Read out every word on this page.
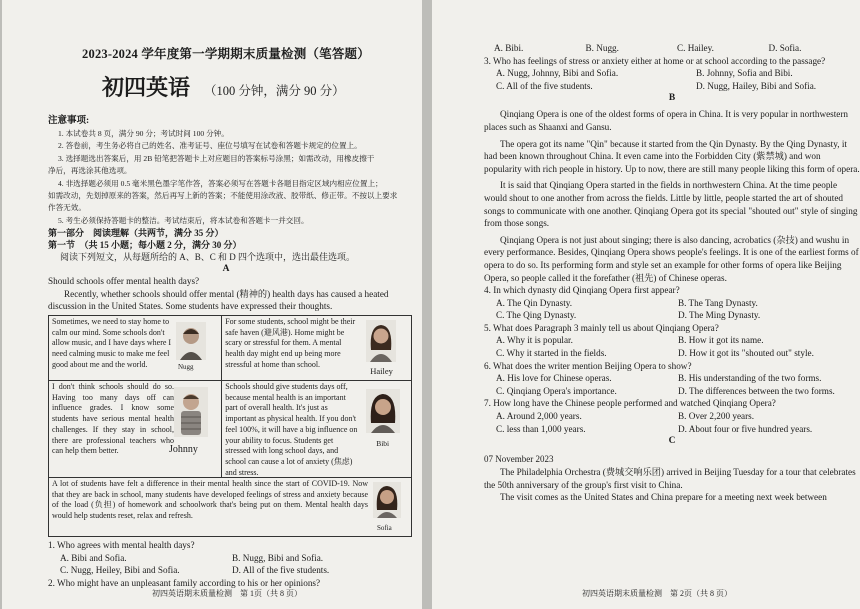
2023-2024 学年度第一学期期末质量检测（笔答题）
初四英语 （100 分钟，满分 90 分）
注意事项:
1. 本试卷共 8 页，满分 90 分；考试时间 100 分钟。
2. 答卷前，考生务必将自己的姓名、准考证号、座位号填写在试卷和答题卡规定的位置上。
3. 选择题选出答案后，用 2B 铅笔把答题卡上对应题目的答案标号涂黑；如需改动，用橡皮擦干
净后，再选涂其他选项。
4. 非选择题必须用 0.5 毫米黑色墨字笔作答，答案必须写在答题卡各题目指定区域内相应位置上；
如需改动，先划掉原来的答案，然后再写上新的答案；不能使用涂改液、胶带纸、修正带。不按以上要求作答无效。
5. 考生必须保持答题卡的整洁。考试结束后，将本试卷和答题卡一并交回。
第一部分　阅读理解（共两节，满分 35 分）
第一节　（共 15 小题；每小题 2 分，满分 30 分）
阅读下列短文，从每题所给的 A、B、C 和 D 四个选项中，选出最佳选项。
A
Should schools offer mental health days?

Recently, whether schools should offer mental (精神的) health days has caused a heated discussion in the United States. Some students have expressed their thoughts.

Sometimes, we need to stay home to calm our mind. Some schools don't allow music, and I have days where I need calming music to make me feel good about me and the world.	Nugg
For some students, school might be their safe haven (避风港). Home might be scary or stressful for them. A mental health day might end up being more stressful at home than school.
Hailey
I don't think schools should do so. Having too many days off can influence grades. I know some students have serious mental health challenges. If they stay in school, there are professional teachers who can help them better.	Johnny
Schools should give students days off, because mental health is an important part of overall health. It's just as important as physical health. If you don't feel 100%, it will have a big influence on your ability to focus. Students get stressed with long school days, and school can cause a lot of anxiety (焦虑) and stress.
Bibi
A lot of students have felt a difference in their mental health since the start of COVID-19. Now that they are back in school, many students have developed feelings of stress and anxiety because of the load (负担) of homework and schoolwork that's being put on them. Mental health days would help students reset, relax and refresh.
Sofia
1. Who agrees with mental health days?
A. Bibi and Sofia.	B. Nugg, Bibi and Sofia.
C. Nugg, Heiley, Bibi and Sofia.	D. All of the five students.
2. Who might have an unpleasant family according to his or her opinions?
初四英语期末质量检测　第 1页（共 8 页）
A. Bibi.	B. Nugg.	C. Hailey.	D. Sofia.
3. Who has feelings of stress or anxiety either at home or at school according to the passage?
A. Nugg, Johnny, Bibi and Sofia.	B. Johnny, Sofia and Bibi.
C. All of the five students.	D. Nugg, Hailey, Bibi and Sofia.
B

Qinqiang Opera is one of the oldest forms of opera in China. It is very popular in northwestern places such as Shaanxi and Gansu.

The opera got its name "Qin" because it started from the Qin Dynasty. By the Qing Dynasty, it had been known throughout China. It even came into the Forbidden City (紫禁城) and won popularity with rich people in history. Up to now, there are still many people liking this form of opera.

It is said that Qinqiang Opera started in the fields in northwestern China. At the time people would shout to one another from across the fields. Little by little, people started the art of shouted songs to communicate with one another. Qinqiang Opera got its special "shouted out" style of singing from those songs.

Qinqiang Opera is not just about singing; there is also dancing, acrobatics (杂技) and wushu in every performance. Besides, Qinqiang Opera shows people's feelings. It is one of the earliest forms of opera to do so. Its performing form and style set an example for other forms of opera like Beijing Opera, so people called it the forefather (祖先) of Chinese operas.

4. In which dynasty did Qinqiang Opera first appear?
A. The Qin Dynasty.	B. The Tang Dynasty.
C. The Qing Dynasty.	D. The Ming Dynasty.
5. What does Paragraph 3 mainly tell us about Qinqiang Opera?
A. Why it is popular.	B. How it got its name.
C. Why it started in the fields.	D. How it got its "shouted out" style.
6. What does the writer mention Beijing Opera to show?
A. His love for Chinese operas.	B. His understanding of the two forms.
C. Qinqiang Opera's importance.	D. The differences between the two forms.
7. How long have the Chinese people performed and watched Qinqiang Opera?
A. Around 2,000 years.	B. Over 2,200 years.
C. less than 1,000 years.	D. About four or five hundred years.
C
07 November 2023

The Philadelphia Orchestra (费城交响乐团) arrived in Beijing Tuesday for a tour that celebrates the 50th anniversary of the group's first visit to China.

The visit comes as the United States and China prepare for a meeting next week between

初四英语期末质量检测　第 2页（共 8 页）
